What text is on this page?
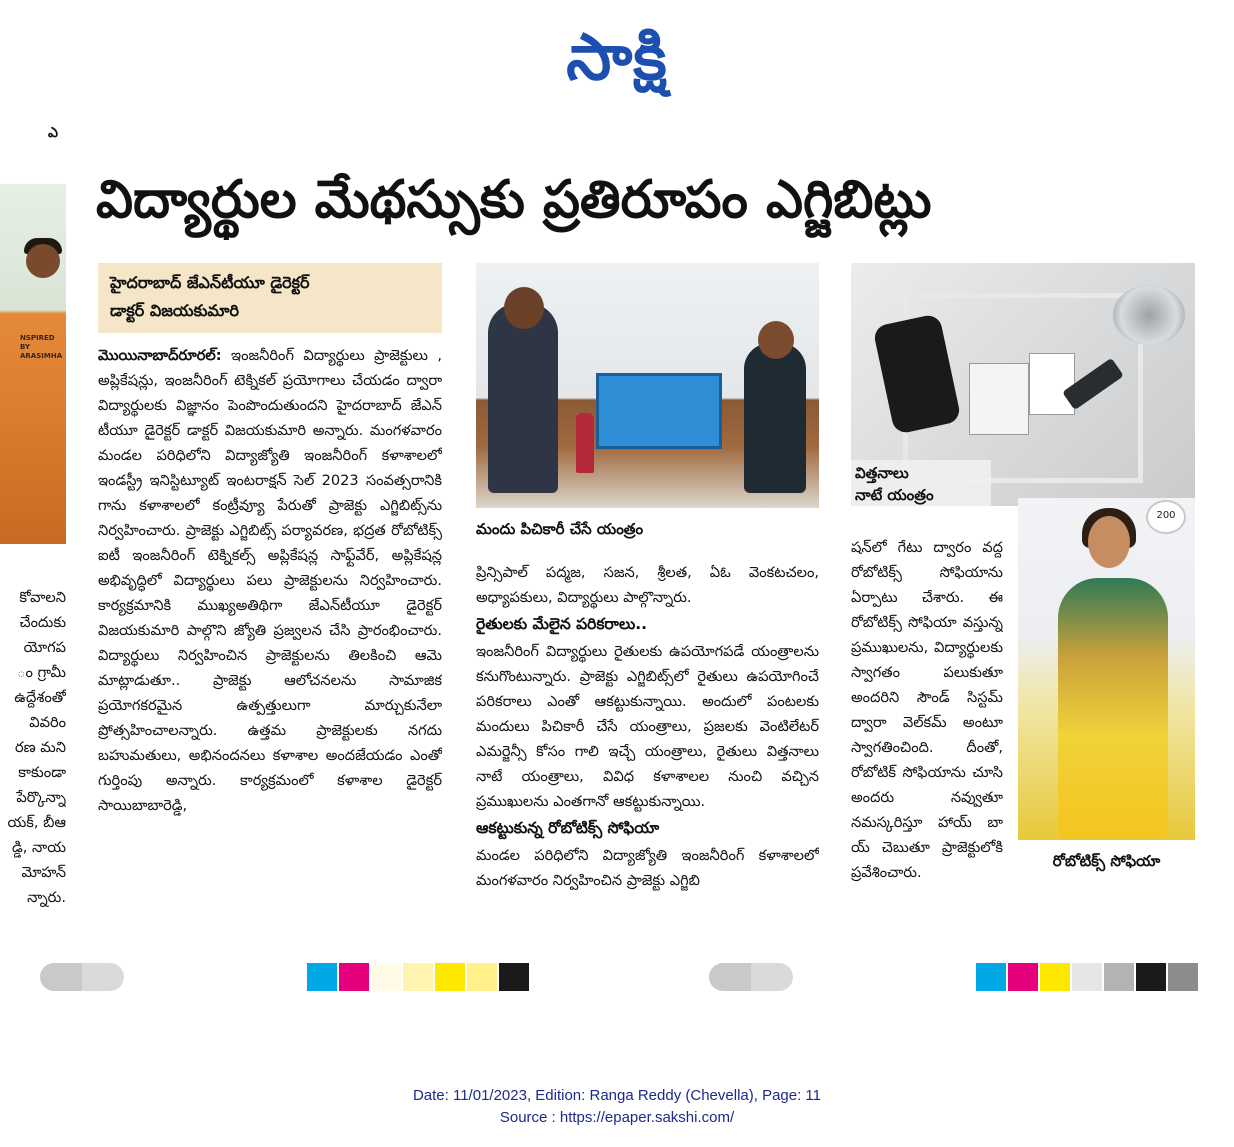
సాక్షి
ఎ
విద్యార్థుల మేథస్సుకు ప్రతిరూపం ఎగ్జిబిట్లు
NSPIRED BY ARASIMHA
కోవాలని
చేందుకు
యోగప
ం గ్రామీ
ఉద్దేశంతో
వివరిం
రణ మని
కాకుండా
పేర్కొన్నా
యక్, బీఆ
డ్డి, నాయ
మోహన్
న్నారు.
హైదరాబాద్ జేఎన్‌టీయూ డైరెక్టర్
డాక్టర్ విజయకుమారి

మొయినాబాద్‌రూరల్: ఇంజనీరింగ్ విద్యార్థులు ప్రాజెక్టులు , అప్లికేషన్లు, ఇంజనీరింగ్ టెక్నికల్ ప్రయోగాలు చేయడం ద్వారా విద్యార్థులకు విజ్ఞానం పెంపొందుతుందని హైదరాబాద్ జేఎన్ టీయూ డైరెక్టర్ డాక్టర్ విజయకుమారి అన్నారు. మంగళవారం మండల పరిధిలోని విద్యాజ్యోతి ఇంజనీరింగ్ కళాశాలలో ఇండస్ట్రీ ఇనిస్టిట్యూట్ ఇంటరాక్షన్ సెల్ 2023 సంవత్సరానికి గాను కళాశాలలో కంట్రీవ్యూ పేరుతో ప్రాజెక్టు ఎగ్జిబిట్స్‌ను నిర్వహించారు. ప్రాజెక్టు ఎగ్జిబిట్స్ పర్యావరణ, భద్రత రోబోటిక్స్ ఐటీ ఇంజనీరింగ్ టెక్నికల్స్ అప్లికేషన్ల సాఫ్ట్‌వేర్, అప్లికేషన్ల అభివృద్ధిలో విద్యార్థులు పలు ప్రాజెక్టులను నిర్వహించారు. కార్యక్రమానికి ముఖ్యఅతిథిగా జేఎన్‌టీయూ డైరెక్టర్ విజయకుమారి పాల్గొని జ్యోతి ప్రజ్వలన చేసి ప్రారంభించారు. విద్యార్థులు నిర్వహించిన ప్రాజెక్టులను తిలకించి ఆమె మాట్లాడుతూ.. ప్రాజెక్టు ఆలోచనలను సామాజిక ప్రయోగకరమైన ఉత్పత్తులుగా మార్చుకునేలా ప్రోత్సహించాలన్నారు. ఉత్తమ ప్రాజెక్టులకు నగదు బహుమతులు, అభినందనలు కళాశాల అందజేయడం ఎంతో గుర్తింపు అన్నారు. కార్యక్రమంలో కళాశాల డైరెక్టర్ సాయిబాబారెడ్డి,

మందు పిచికారీ చేసే యంత్రం

ప్రిన్సిపాల్ పద్మజ, సజన, శ్రీలత, ఏఓ వెంకటచలం, అధ్యాపకులు, విద్యార్థులు పాల్గొన్నారు.

రైతులకు మేలైన పరికరాలు..

ఇంజనీరింగ్ విద్యార్థులు రైతులకు ఉపయోగపడే యంత్రాలను కనుగొంటున్నారు. ప్రాజెక్టు ఎగ్జిబిట్స్‌లో రైతులు ఉపయోగించే పరికరాలు ఎంతో ఆకట్టుకున్నాయి. అందులో పంటలకు మందులు పిచికారీ చేసే యంత్రాలు, ప్రజలకు వెంటిలేటర్ ఎమర్జెన్సీ కోసం గాలి ఇచ్చే యంత్రాలు, రైతులు విత్తనాలు నాటే యంత్రాలు, వివిధ కళాశాలల నుంచి వచ్చిన ప్రముఖులను ఎంతగానో ఆకట్టుకున్నాయి.

ఆకట్టుకున్న రోబోటిక్స్ సోఫియా

మండల పరిధిలోని విద్యాజ్యోతి ఇంజనీరింగ్ కళాశాలలో మంగళవారం నిర్వహించిన ప్రాజెక్టు ఎగ్జిబి

విత్తనాలు
నాటే యంత్రం

షన్‌లో గేటు ద్వారం వద్ద రోబోటిక్స్ సోఫియాను ఏర్పాటు చేశారు. ఈ రోబోటిక్స్ సోఫియా వస్తున్న ప్రముఖులను, విద్యార్థులకు స్వాగతం పలుకుతూ అందరిని సౌండ్ సిస్టమ్ ద్వారా వెల్‌కమ్ అంటూ స్వాగతించింది. దీంతో, రోబోటిక్ సోఫియాను చూసి అందరు నవ్వుతూ నమస్కరిస్తూ హాయ్ బా య్ చెబుతూ ప్రాజెక్టులోకి ప్రవేశించారు.

200
రోబోటిక్స్ సోఫియా
Date: 11/01/2023, Edition: Ranga Reddy (Chevella), Page: 11
Source : https://epaper.sakshi.com/
